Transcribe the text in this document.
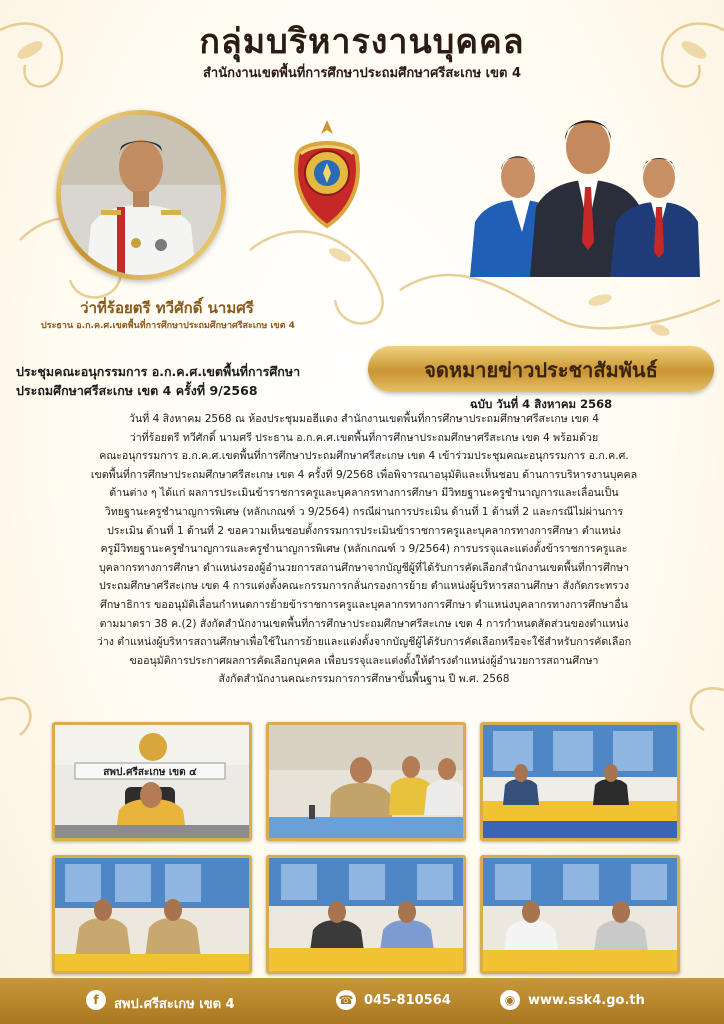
กลุ่มบริหารงานบุคคล
สำนักงานเขตพื้นที่การศึกษาประถมศึกษาศรีสะเกษ เขต 4
ว่าที่ร้อยตรี ทวีศักดิ์ นามศรี
ประธาน อ.ก.ค.ศ.เขตพื้นที่การศึกษาประถมศึกษาศรีสะเกษ เขต 4
ประชุมคณะอนุกรรมการ อ.ก.ค.ศ.เขตพื้นที่การศึกษา
ประถมศึกษาศรีสะเกษ เขต 4 ครั้งที่ 9/2568
จดหมายข่าวประชาสัมพันธ์
ฉบับ วันที่ 4 สิงหาคม 2568
วันที่ 4 สิงหาคม 2568 ณ ห้องประชุมมอฮีแดง สำนักงานเขตพื้นที่การศึกษาประถมศึกษาศรีสะเกษ เขต 4
ว่าที่ร้อยตรี ทวีศักดิ์ นามศรี ประธาน อ.ก.ค.ศ.เขตพื้นที่การศึกษาประถมศึกษาศรีสะเกษ เขต 4 พร้อมด้วย
คณะอนุกรรมการ อ.ก.ค.ศ.เขตพื้นที่การศึกษาประถมศึกษาศรีสะเกษ เขต 4 เข้าร่วมประชุมคณะอนุกรรมการ อ.ก.ค.ศ.
เขตพื้นที่การศึกษาประถมศึกษาศรีสะเกษ เขต 4 ครั้งที่ 9/2568 เพื่อพิจารณาอนุมัติและเห็นชอบ ด้านการบริหารงานบุคคล
ด้านต่าง ๆ ได้แก่ ผลการประเมินข้าราชการครูและบุคลากรทางการศึกษา มีวิทยฐานะครูชำนาญการและเลื่อนเป็น
วิทยฐานะครูชำนาญการพิเศษ (หลักเกณฑ์ ว 9/2564) กรณีผ่านการประเมิน ด้านที่ 1 ด้านที่ 2 และกรณีไม่ผ่านการ
ประเมิน ด้านที่ 1 ด้านที่ 2 ขอความเห็นชอบตั้งกรรมการประเมินข้าราชการครูและบุคลากรทางการศึกษา ตำแหน่ง
ครูมีวิทยฐานะครูชำนาญการและครูชำนาญการพิเศษ (หลักเกณฑ์ ว 9/2564) การบรรจุและแต่งตั้งข้าราชการครูและ
บุคลากรทางการศึกษา ตำแหน่งรองผู้อำนวยการสถานศึกษาจากบัญชีผู้ที่ได้รับการคัดเลือกสำนักงานเขตพื้นที่การศึกษา
ประถมศึกษาศรีสะเกษ เขต 4 การแต่งตั้งคณะกรรมการกลั่นกรองการย้าย ตำแหน่งผู้บริหารสถานศึกษา สังกัดกระทรวง
ศึกษาธิการ ขออนุมัติเลื่อนกำหนดการย้ายข้าราชการครูและบุคลากรทางการศึกษา ตำแหน่งบุคลากรทางการศึกษาอื่น
ตามมาตรา 38 ค.(2) สังกัดสำนักงานเขตพื้นที่การศึกษาประถมศึกษาศรีสะเกษ เขต 4 การกำหนดสัดส่วนของตำแหน่ง
ว่าง ตำแหน่งผู้บริหารสถานศึกษาเพื่อใช้ในการย้ายและแต่งตั้งจากบัญชีผู้ได้รับการคัดเลือกหรือจะใช้สำหรับการคัดเลือก
ขออนุมัติการประกาศผลการคัดเลือกบุคคล เพื่อบรรจุและแต่งตั้งให้ดำรงตำแหน่งผู้อำนวยการสถานศึกษา
สังกัดสำนักงานคณะกรรมการการศึกษาขั้นพื้นฐาน ปี พ.ศ. 2568
สพป.ศรีสะเกษ เขต ๔
f	สพป.ศรีสะเกษ เขต 4	☎ 045-810564	◉ www.ssk4.go.th
